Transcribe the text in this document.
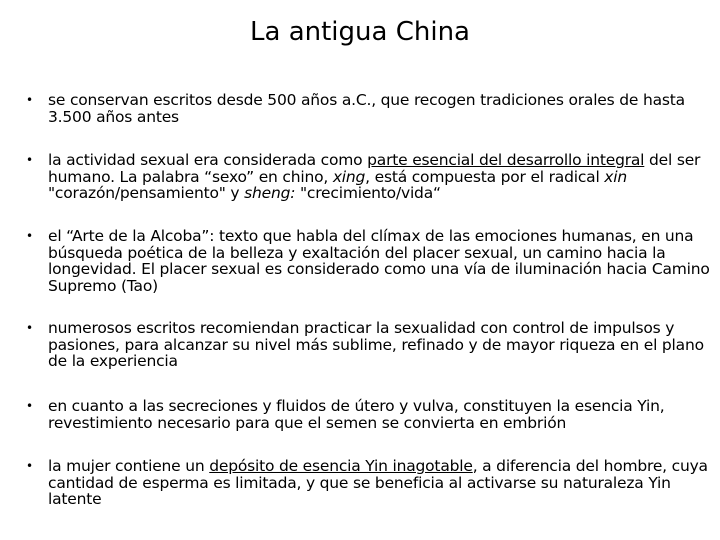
La antigua China
• se conservan escritos desde 500 años a.C., que recogen tradiciones orales de hasta 3.500 años antes
• la actividad sexual era considerada como parte esencial del desarrollo integral del ser humano. La palabra “sexo” en chino, xing, está compuesta por el radical xin "corazón/pensamiento" y sheng: "crecimiento/vida“
• el “Arte de la Alcoba”: texto que habla del clímax de las emociones humanas, en una búsqueda poética de la belleza y exaltación del placer sexual, un camino hacia la longevidad. El placer sexual es considerado como una vía de iluminación hacia Camino Supremo (Tao)
• numerosos escritos recomiendan practicar la sexualidad con control de impulsos y pasiones, para alcanzar su nivel más sublime, refinado y de mayor riqueza en el plano de la experiencia
• en cuanto a las secreciones y fluidos de útero y vulva, constituyen la esencia Yin, revestimiento necesario para que el semen se convierta en embrión
• la mujer contiene un depósito de esencia Yin inagotable, a diferencia del hombre, cuya cantidad de esperma es limitada, y que se beneficia al activarse su naturaleza Yin latente
